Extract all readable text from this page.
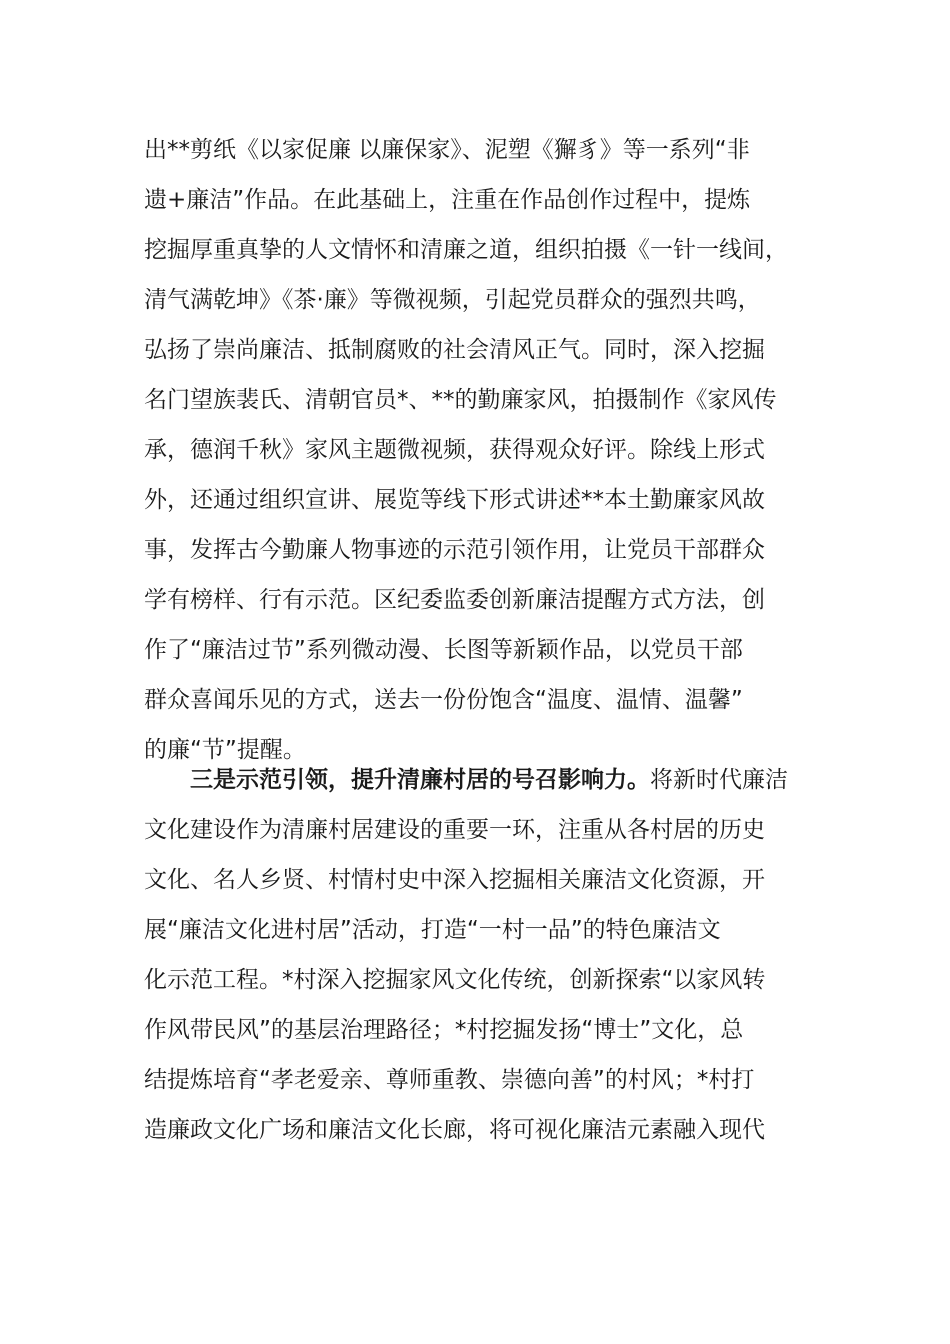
出**剪纸《以家促廉 以廉保家》、泥塑《獬豸》等一系列“非
遗+廉洁”作品。在此基础上，注重在作品创作过程中，提炼
挖掘厚重真挚的人文情怀和清廉之道，组织拍摄《一针一线间，
清气满乾坤》《茶·廉》等微视频，引起党员群众的强烈共鸣，
弘扬了崇尚廉洁、抵制腐败的社会清风正气。同时，深入挖掘
名门望族裴氏、清朝官员*、**的勤廉家风，拍摄制作《家风传
承，德润千秋》家风主题微视频，获得观众好评。除线上形式
外，还通过组织宣讲、展览等线下形式讲述**本土勤廉家风故
事，发挥古今勤廉人物事迹的示范引领作用，让党员干部群众
学有榜样、行有示范。区纪委监委创新廉洁提醒方式方法，创
作了“廉洁过节”系列微动漫、长图等新颖作品，以党员干部
群众喜闻乐见的方式，送去一份份饱含“温度、温情、温馨”
的廉“节”提醒。
三是示范引领，提升清廉村居的号召影响力。将新时代廉洁
文化建设作为清廉村居建设的重要一环，注重从各村居的历史
文化、名人乡贤、村情村史中深入挖掘相关廉洁文化资源，开
展“廉洁文化进村居”活动，打造“一村一品”的特色廉洁文
化示范工程。*村深入挖掘家风文化传统，创新探索“以家风转
作风带民风”的基层治理路径；*村挖掘发扬“博士”文化，总
结提炼培育“孝老爱亲、尊师重教、崇德向善”的村风；*村打
造廉政文化广场和廉洁文化长廊，将可视化廉洁元素融入现代
